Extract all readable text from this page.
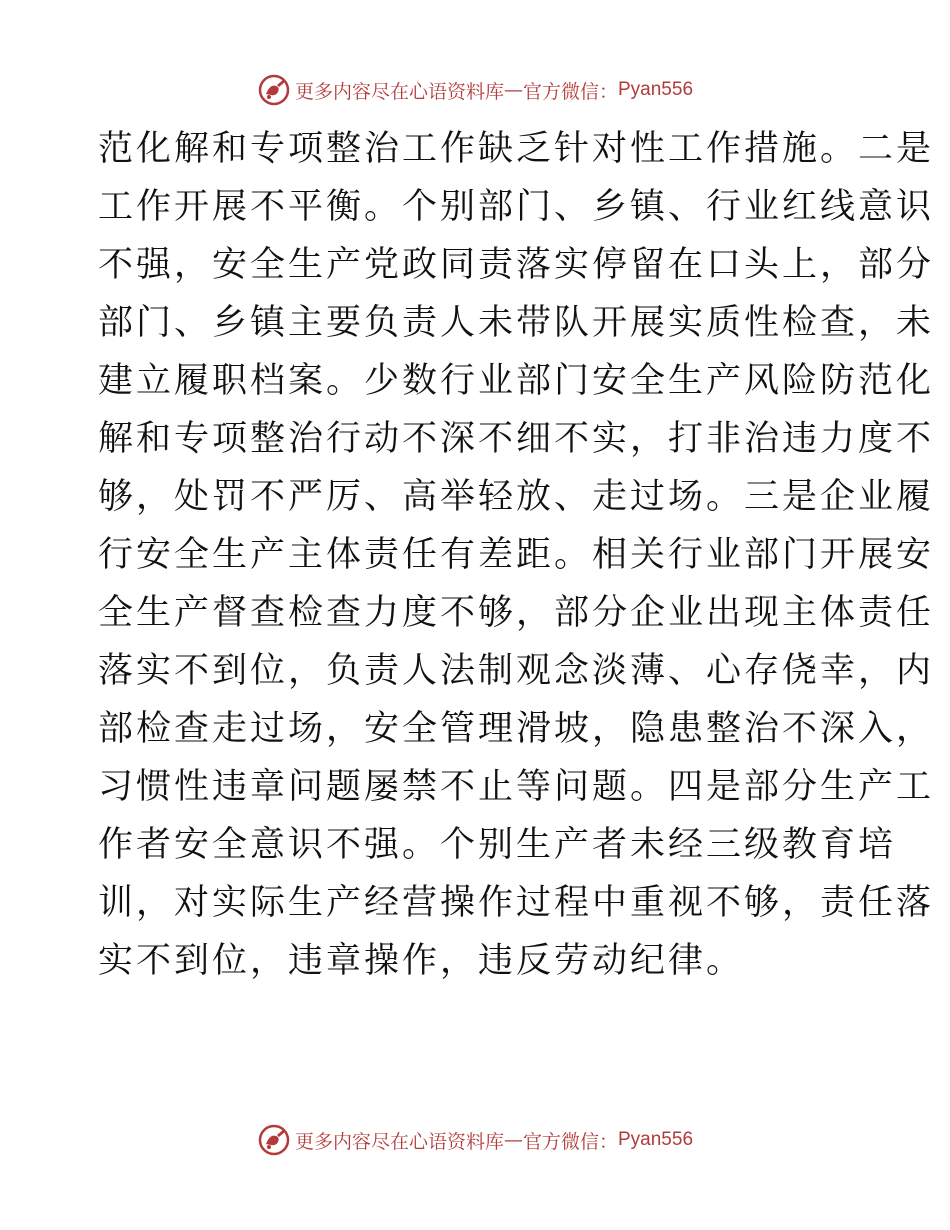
更多内容尽在心语资料库 — 官方微信： Pyan556
范化解和专项整治工作缺乏针对性工作措施。二是
工作开展不平衡。个别部门、乡镇、行业红线意识
不强，安全生产党政同责落实停留在口头上，部分
部门、乡镇主要负责人未带队开展实质性检查，未
建立履职档案。少数行业部门安全生产风险防范化
解和专项整治行动不深不细不实，打非治违力度不
够，处罚不严厉、高举轻放、走过场。三是企业履
行安全生产主体责任有差距。相关行业部门开展安
全生产督查检查力度不够，部分企业出现主体责任
落实不到位，负责人法制观念淡薄、心存侥幸，内
部检查走过场，安全管理滑坡，隐患整治不深入，
习惯性违章问题屡禁不止等问题。四是部分生产工
作者安全意识不强。个别生产者未经三级教育培
训，对实际生产经营操作过程中重视不够，责任落
实不到位，违章操作，违反劳动纪律。
更多内容尽在心语资料库 — 官方微信： Pyan556
